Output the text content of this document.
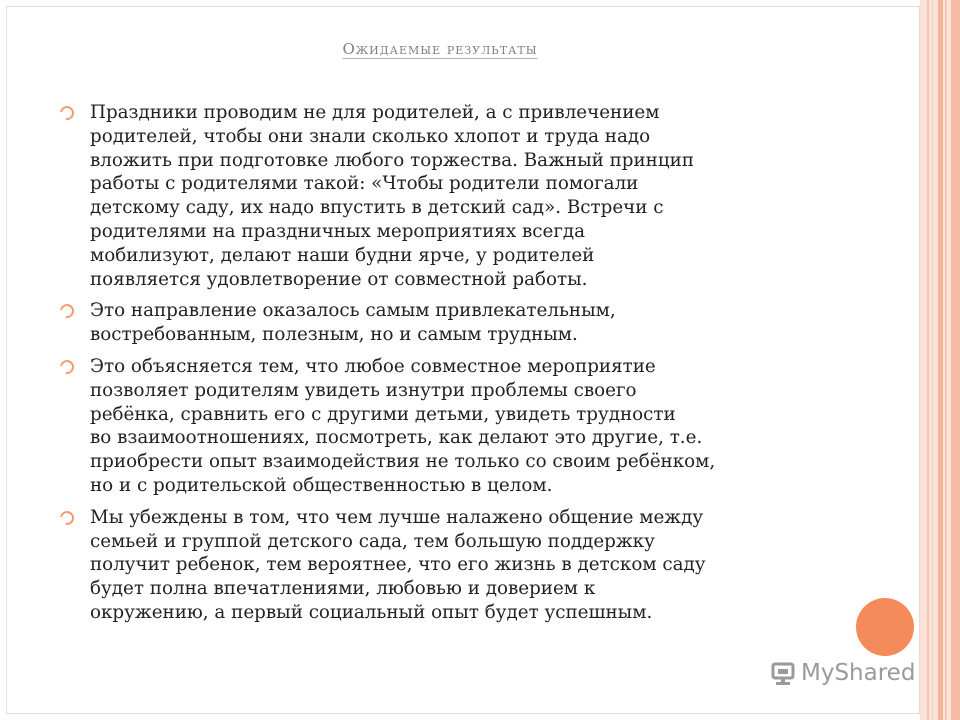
Ожидаемые результаты
Праздники проводим не для родителей, а с привлечением
родителей, чтобы они знали сколько хлопот и труда надо
вложить при подготовке любого торжества. Важный принцип
работы с родителями такой: «Чтобы родители помогали
детскому саду, их надо впустить в детский сад». Встречи с
родителями на праздничных мероприятиях всегда
мобилизуют, делают наши будни ярче, у родителей
появляется удовлетворение от совместной работы.
Это направление оказалось самым привлекательным,
востребованным, полезным, но и самым трудным.
Это объясняется тем, что любое совместное мероприятие
позволяет родителям увидеть изнутри проблемы своего
ребёнка, сравнить его с другими детьми, увидеть трудности
во взаимоотношениях, посмотреть, как делают это другие, т.е.
приобрести опыт взаимодействия не только со своим ребёнком,
но и с родительской общественностью в целом.
Мы убеждены в том, что чем лучше налажено общение между
семьей и группой детского сада, тем большую поддержку
получит ребенок, тем вероятнее, что его жизнь в детском саду
будет полна впечатлениями, любовью и доверием к
окружению, а первый социальный опыт будет успешным.
MyShared
